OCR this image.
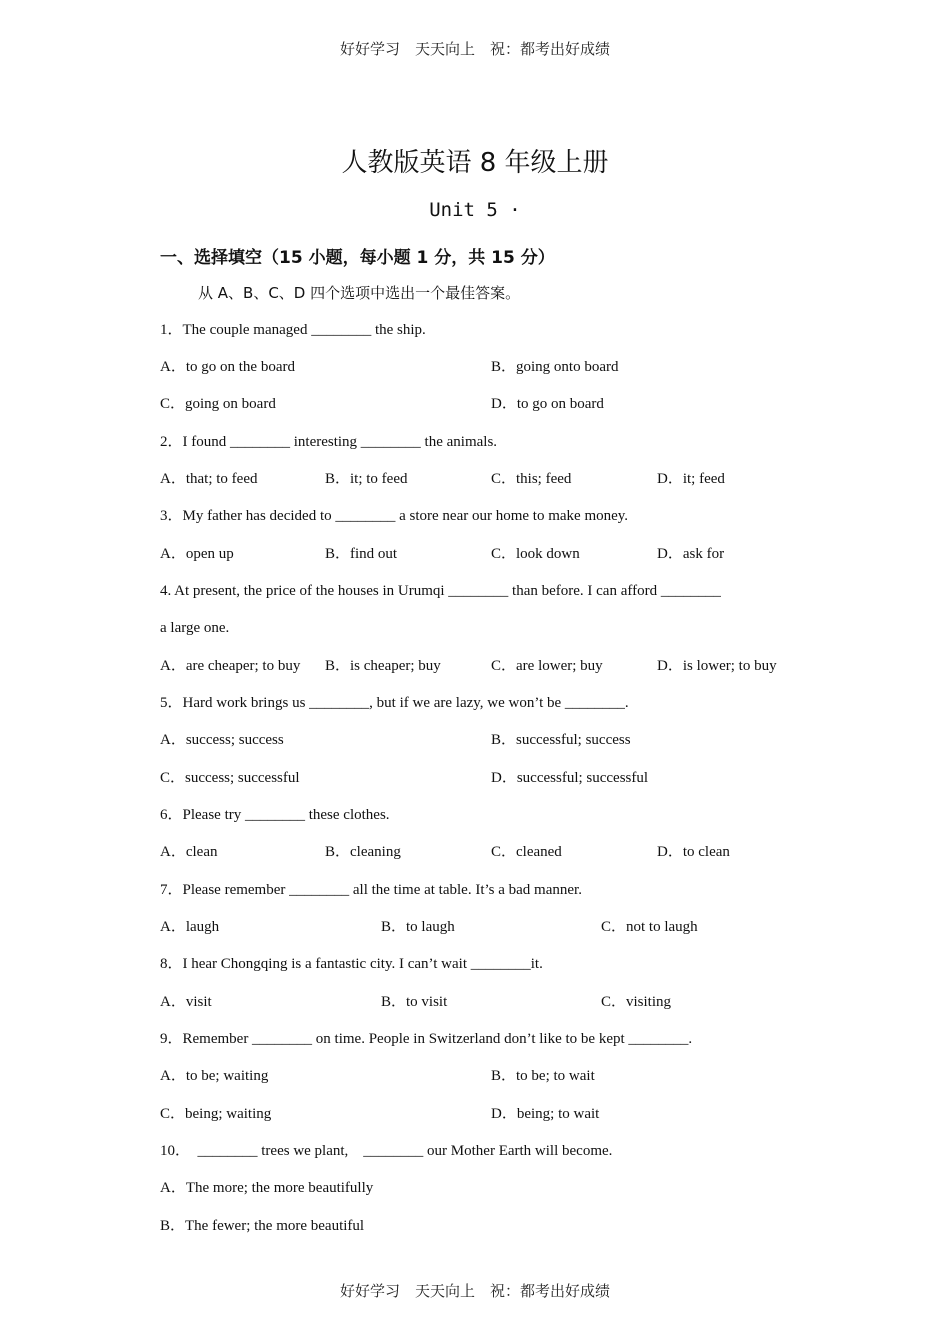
好好学习　天天向上　祝：都考出好成绩
人教版英语 8 年级上册
Unit 5 ·
一、选择填空（15 小题，每小题 1 分，共 15 分）
从 A、B、C、D 四个选项中选出一个最佳答案。
1．The couple managed ________ the ship.
A．to go on the board	B．going onto board
C．going on board	D．to go on board
2．I found ________ interesting ________ the animals.
A．that; to feed	B．it; to feed	C．this; feed	D．it; feed
3．My father has decided to ________ a store near our home to make money.
A．open up	B．find out	C．look down	D．ask for
4. At present, the price of the houses in Urumqi ________ than before. I can afford ________
a large one.
A．are cheaper; to buy B．is cheaper; buy	C．are lower; buy	D．is lower; to buy
5．Hard work brings us ________, but if we are lazy, we won’t be ________.
A．success; success	B．successful; success
C．success; successful	D．successful; successful
6．Please try ________ these clothes.
A．clean	B．cleaning	C．cleaned	D．to clean
7．Please remember ________ all the time at table. It’s a bad manner.
A．laugh	B．to laugh	C．not to laugh
8．I hear Chongqing is a fantastic city. I can’t wait ________it.
A．visit	B．to visit	C．visiting
9．Remember ________ on time. People in Switzerland don’t like to be kept ________.
A．to be; waiting	B．to be; to wait
C．being; waiting	D．being; to wait
10．　________ trees we plant,　________ our Mother Earth will become.
A．The more; the more beautifully
B．The fewer; the more beautiful
好好学习　天天向上　祝：都考出好成绩
